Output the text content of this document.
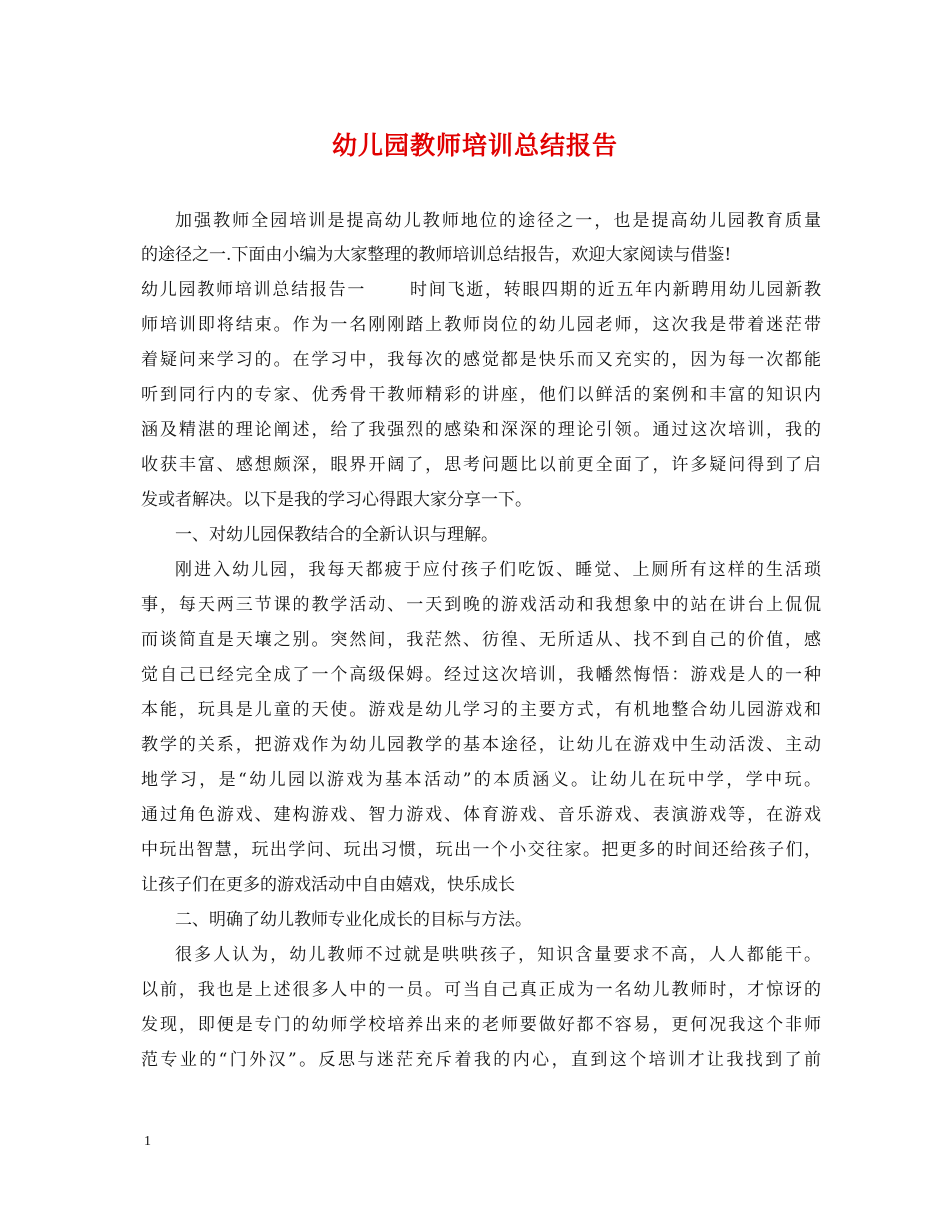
幼儿园教师培训总结报告

加强教师全园培训是提高幼儿教师地位的途径之一，也是提高幼儿园教育质量

的途径之一.下面由小编为大家整理的教师培训总结报告，欢迎大家阅读与借鉴!

幼儿园教师培训总结报告一 时间飞逝，转眼四期的近五年内新聘用幼儿园新教

师培训即将结束。作为一名刚刚踏上教师岗位的幼儿园老师，这次我是带着迷茫带

着疑问来学习的。在学习中，我每次的感觉都是快乐而又充实的，因为每一次都能

听到同行内的专家、优秀骨干教师精彩的讲座，他们以鲜活的案例和丰富的知识内

涵及精湛的理论阐述，给了我强烈的感染和深深的理论引领。通过这次培训，我的

收获丰富、感想颇深，眼界开阔了，思考问题比以前更全面了，许多疑问得到了启

发或者解决。以下是我的学习心得跟大家分享一下。

一、对幼儿园保教结合的全新认识与理解。

刚进入幼儿园，我每天都疲于应付孩子们吃饭、睡觉、上厕所有这样的生活琐

事，每天两三节课的教学活动、一天到晚的游戏活动和我想象中的站在讲台上侃侃

而谈简直是天壤之别。突然间，我茫然、彷徨、无所适从、找不到自己的价值，感

觉自己已经完全成了一个高级保姆。经过这次培训，我幡然悔悟：游戏是人的一种

本能，玩具是儿童的天使。游戏是幼儿学习的主要方式，有机地整合幼儿园游戏和

教学的关系，把游戏作为幼儿园教学的基本途径，让幼儿在游戏中生动活泼、主动

地学习，是“幼儿园以游戏为基本活动”的本质涵义。让幼儿在玩中学，学中玩。

通过角色游戏、建构游戏、智力游戏、体育游戏、音乐游戏、表演游戏等，在游戏

中玩出智慧，玩出学问、玩出习惯，玩出一个小交往家。把更多的时间还给孩子们，

让孩子们在更多的游戏活动中自由嬉戏，快乐成长

二、明确了幼儿教师专业化成长的目标与方法。

很多人认为，幼儿教师不过就是哄哄孩子，知识含量要求不高，人人都能干。

以前，我也是上述很多人中的一员。可当自己真正成为一名幼儿教师时，才惊讶的

发现，即便是专门的幼师学校培养出来的老师要做好都不容易，更何况我这个非师

范专业的“门外汉”。反思与迷茫充斥着我的内心，直到这个培训才让我找到了前

1
